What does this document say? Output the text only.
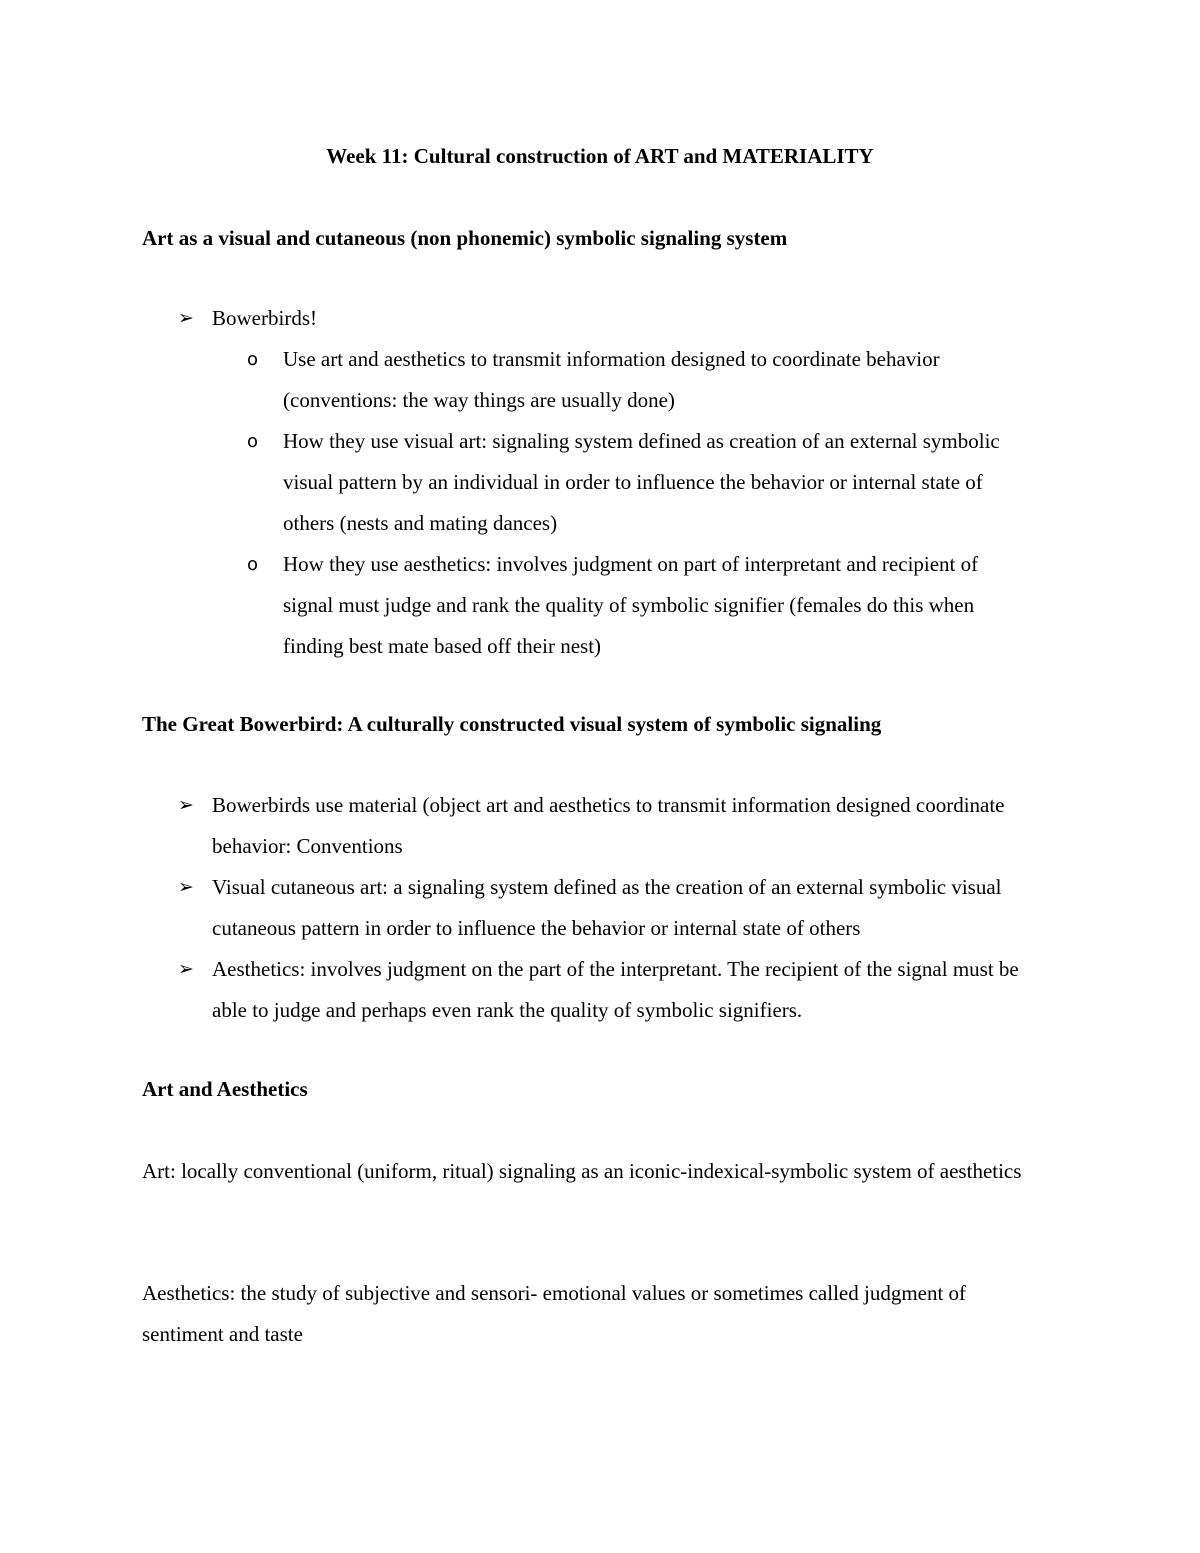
Week 11: Cultural construction of ART and MATERIALITY
Art as a visual and cutaneous (non phonemic) symbolic signaling system
➢ Bowerbirds!
o	Use art and aesthetics to transmit information designed to coordinate behavior (conventions: the way things are usually done)
o	How they use visual art: signaling system defined as creation of an external symbolic visual pattern by an individual in order to influence the behavior or internal state of others (nests and mating dances)
o	How they use aesthetics: involves judgment on part of interpretant and recipient of signal must judge and rank the quality of symbolic signifier (females do this when finding best mate based off their nest)
The Great Bowerbird: A culturally constructed visual system of symbolic signaling
➢ Bowerbirds use material (object art and aesthetics to transmit information designed coordinate behavior: Conventions
➢ Visual cutaneous art: a signaling system defined as the creation of an external symbolic visual cutaneous pattern in order to influence the behavior or internal state of others
➢ Aesthetics: involves judgment on the part of the interpretant. The recipient of the signal must be able to judge and perhaps even rank the quality of symbolic signifiers.
Art and Aesthetics

Art: locally conventional (uniform, ritual) signaling as an iconic-indexical-symbolic system of aesthetics

Aesthetics: the study of subjective and sensori- emotional values or sometimes called judgment of sentiment and taste
